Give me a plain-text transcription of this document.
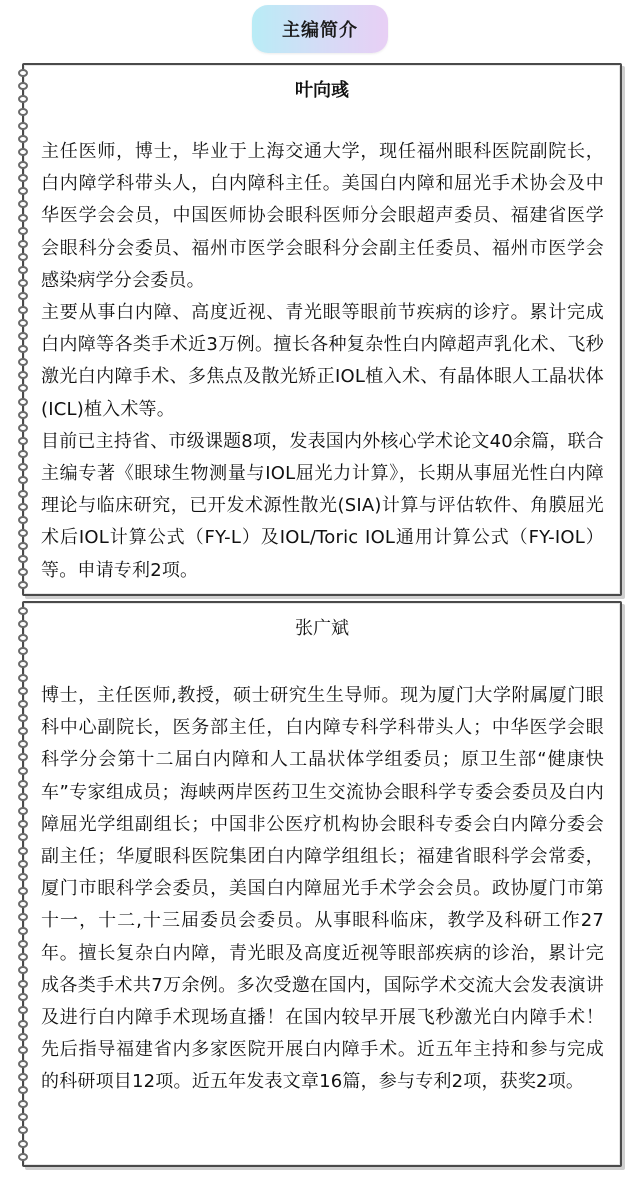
主编简介
叶向彧

主任医师，博士，毕业于上海交通大学，现任福州眼科医院副院长，白内障学科带头人，白内障科主任。美国白内障和屈光手术协会及中华医学会会员，中国医师协会眼科医师分会眼超声委员、福建省医学会眼科分会委员、福州市医学会眼科分会副主任委员、福州市医学会感染病学分会委员。

主要从事白内障、高度近视、青光眼等眼前节疾病的诊疗。累计完成白内障等各类手术近3万例。擅长各种复杂性白内障超声乳化术、飞秒激光白内障手术、多焦点及散光矫正IOL植入术、有晶体眼人工晶状体(ICL)植入术等。

目前已主持省、市级课题8项，发表国内外核心学术论文40余篇，联合主编专著《眼球生物测量与IOL屈光力计算》，长期从事屈光性白内障理论与临床研究，已开发术源性散光(SIA)计算与评估软件、角膜屈光术后IOL计算公式（FY-L）及IOL/Toric IOL通用计算公式（FY-IOL）等。申请专利2项。

张广斌

博士，主任医师,教授，硕士研究生生导师。现为厦门大学附属厦门眼科中心副院长，医务部主任，白内障专科学科带头人；中华医学会眼科学分会第十二届白内障和人工晶状体学组委员；原卫生部“健康快车”专家组成员；海峡两岸医药卫生交流协会眼科学专委会委员及白内障屈光学组副组长；中国非公医疗机构协会眼科专委会白内障分委会副主任；华厦眼科医院集团白内障学组组长；福建省眼科学会常委，厦门市眼科学会委员，美国白内障屈光手术学会会员。政协厦门市第十一，十二,十三届委员会委员。从事眼科临床，教学及科研工作27年。擅长复杂白内障，青光眼及高度近视等眼部疾病的诊治，累计完成各类手术共7万余例。多次受邀在国内，国际学术交流大会发表演讲及进行白内障手术现场直播！在国内较早开展飞秒激光白内障手术！先后指导福建省内多家医院开展白内障手术。近五年主持和参与完成的科研项目12项。近五年发表文章16篇，参与专利2项，获奖2项。
